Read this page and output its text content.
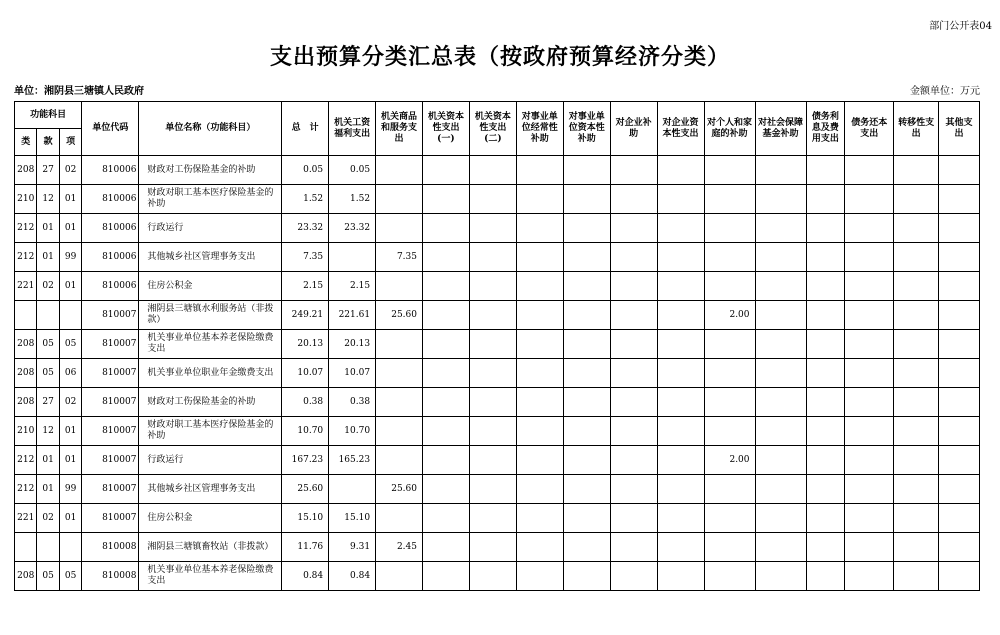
部门公开表04
支出预算分类汇总表（按政府预算经济分类）
单位：湘阴县三塘镇人民政府	金额单位：万元
功能科目			单位代码	单位名称（功能科目）	总　计	机关工资福利支出	机关商品和服务支出	机关资本性支出(一)	机关资本性支出(二)	对事业单位经常性补助	对事业单位资本性补助	对企业补助	对企业资本性支出	对个人和家庭的补助	对社会保障基金补助	债务利息及费用支出	债务还本支出	转移性支出	其他支出
类	款	项																	
208	27	02	810006	财政对工伤保险基金的补助	0.05	0.05													
210	12	01	810006	财政对职工基本医疗保险基金的补助	1.52	1.52													
212	01	01	810006	行政运行	23.32	23.32													
212	01	99	810006	其他城乡社区管理事务支出	7.35		7.35												
221	02	01	810006	住房公积金	2.15	2.15													
			810007	湘阴县三塘镇水利服务站（非拨款）	249.21	221.61	25.60							2.00					
208	05	05	810007	机关事业单位基本养老保险缴费支出	20.13	20.13													
208	05	06	810007	机关事业单位职业年金缴费支出	10.07	10.07													
208	27	02	810007	财政对工伤保险基金的补助	0.38	0.38													
210	12	01	810007	财政对职工基本医疗保险基金的补助	10.70	10.70													
212	01	01	810007	行政运行	167.23	165.23								2.00					
212	01	99	810007	其他城乡社区管理事务支出	25.60		25.60												
221	02	01	810007	住房公积金	15.10	15.10													
			810008	湘阴县三塘镇畜牧站（非拨款）	11.76	9.31	2.45												
208	05	05	810008	机关事业单位基本养老保险缴费支出	0.84	0.84													
